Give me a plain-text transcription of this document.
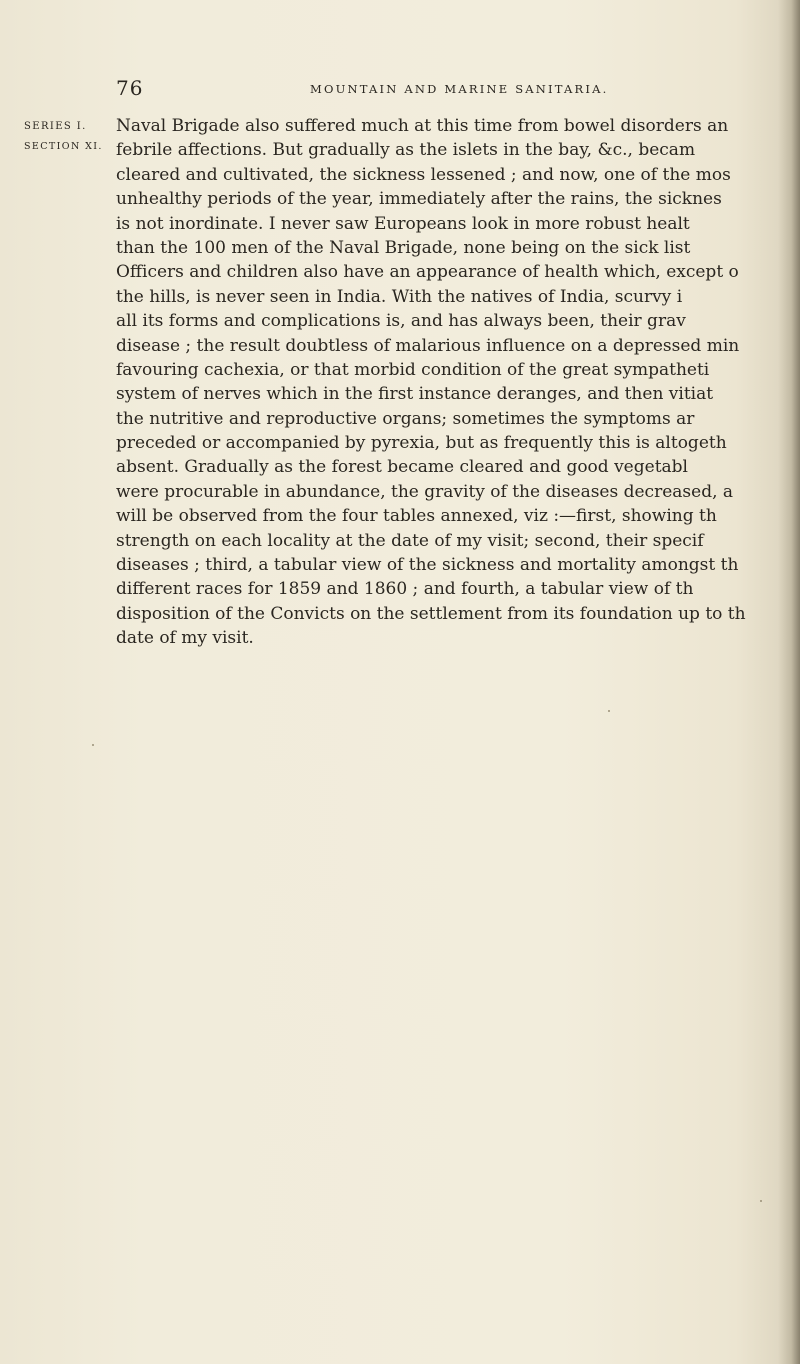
76	MOUNTAIN AND MARINE SANITARIA.
SERIES I.
SECTION XI.
Naval Brigade also suffered much at this time from bowel disorders an
febrile affections. But gradually as the islets in the bay, &c., becam
cleared and cultivated, the sickness lessened ; and now, one of the mos
unhealthy periods of the year, immediately after the rains, the sicknes
is not inordinate. I never saw Europeans look in more robust healt
than the 100 men of the Naval Brigade, none being on the sick list
Officers and children also have an appearance of health which, except o
the hills, is never seen in India. With the natives of India, scurvy i
all its forms and complications is, and has always been, their grav
disease ; the result doubtless of malarious influence on a depressed min
favouring cachexia, or that morbid condition of the great sympatheti
system of nerves which in the first instance deranges, and then vitiat
the nutritive and reproductive organs; sometimes the symptoms ar
preceded or accompanied by pyrexia, but as frequently this is altogeth
absent. Gradually as the forest became cleared and good vegetabl
were procurable in abundance, the gravity of the diseases decreased, a
will be observed from the four tables annexed, viz :—first, showing th
strength on each locality at the date of my visit; second, their specif
diseases ; third, a tabular view of the sickness and mortality amongst th
different races for 1859 and 1860 ; and fourth, a tabular view of th
disposition of the Convicts on the settlement from its foundation up to th
date of my visit.
